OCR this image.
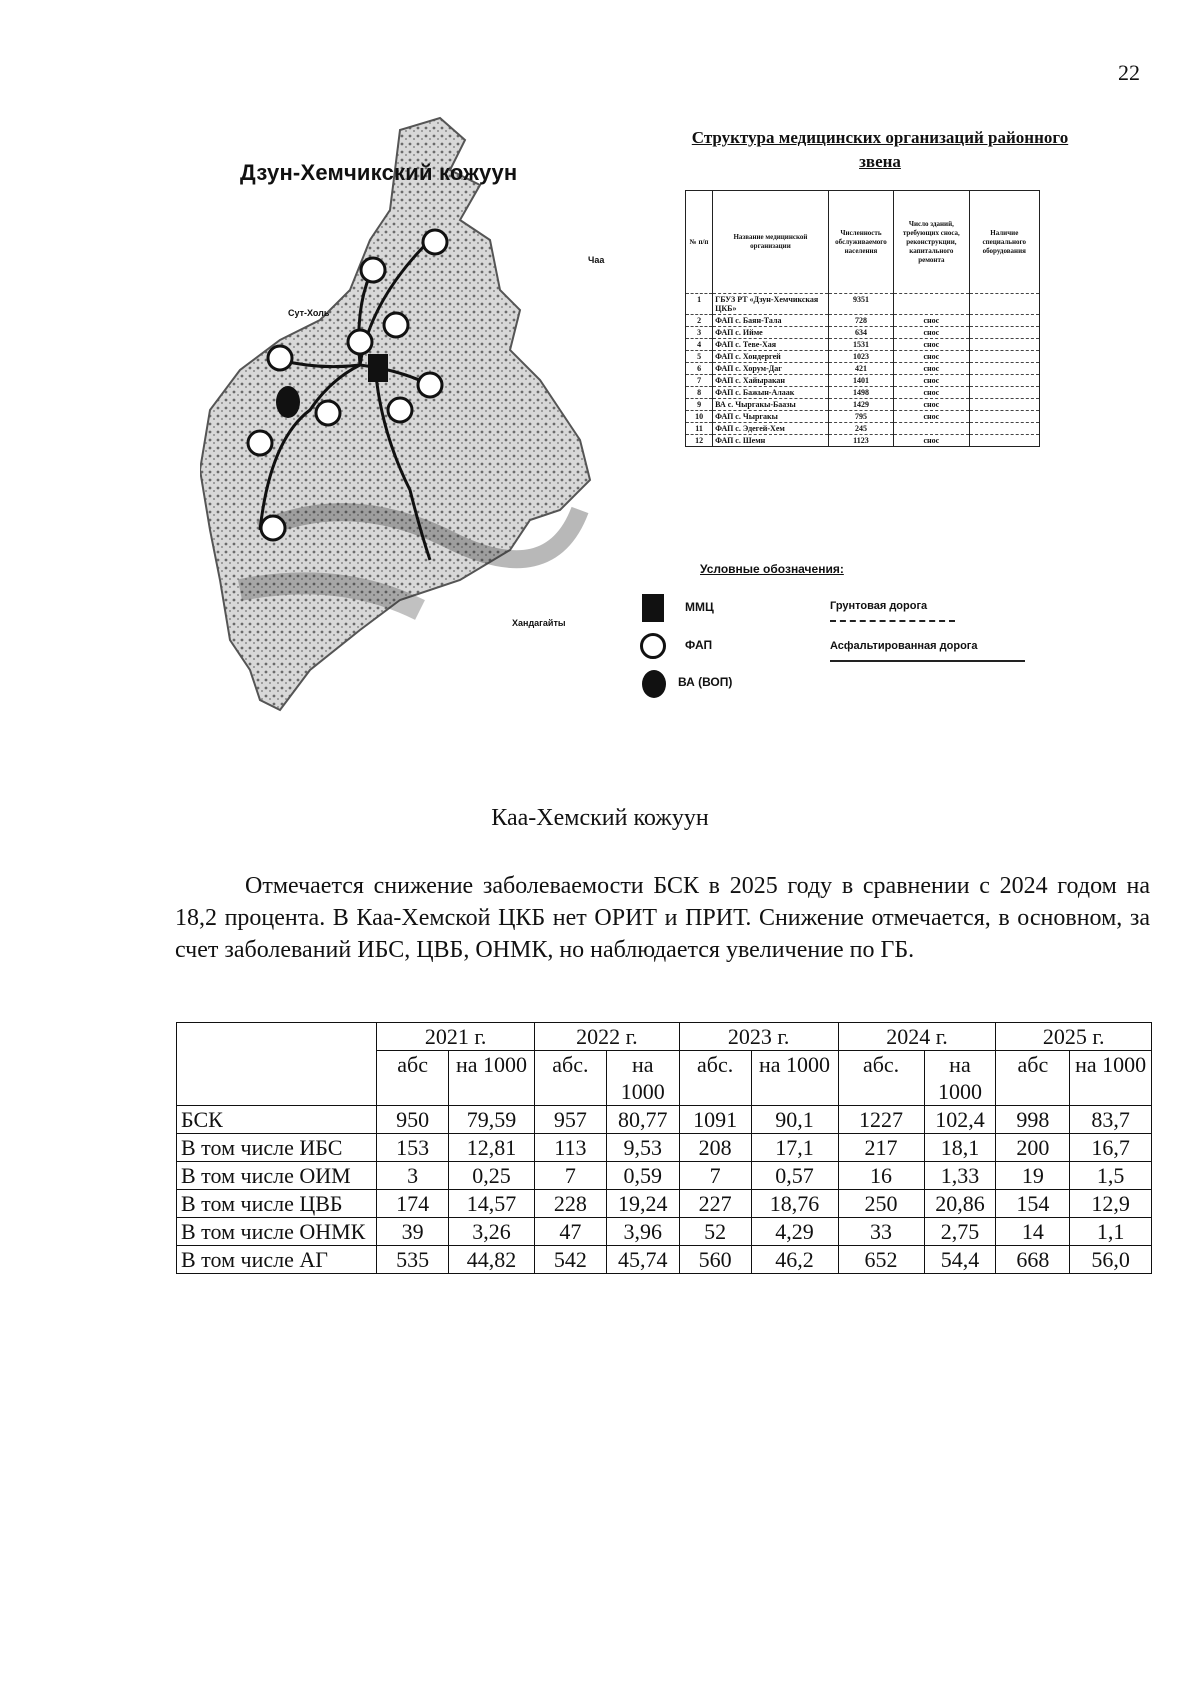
22
Дзун-Хемчикский кожуун
Сут-Холь
Чаа
Хандагайты
Структура медицинских организаций районного звена
№ п/п	Название медицинской организации	Численность обслуживаемого населения	Число зданий, требующих сноса, реконструкции, капитального ремонта	Наличие специального оборудования
1	ГБУЗ РТ «Дзун-Хемчикская ЦКБ»	9351		
2	ФАП с. Баян-Тала	728	снос	
3	ФАП с. Ийме	634	снос	
4	ФАП с. Теве-Хая	1531	снос	
5	ФАП с. Хондергей	1023	снос	
6	ФАП с. Хорум-Даг	421	снос	
7	ФАП с. Хайыракан	1401	снос	
8	ФАП с. Бажын-Алаак	1498	снос	
9	ВА с. Чыргакы-Баазы	1429	снос	
10	ФАП с. Чыргакы	795	снос	
11	ФАП с. Эдегей-Хем	245		
12	ФАП с. Шемн	1123	снос	
Условные обозначения:
ММЦ
ФАП
ВА (ВОП)
Грунтовая дорога
Асфальтированная дорога
Каа-Хемский кожуун
Отмечается снижение заболеваемости БСК в 2025 году в сравнении с 2024 годом на 18,2 процента. В Каа-Хемской ЦКБ нет ОРИТ и ПРИТ. Снижение отмечается, в основном, за счет заболеваний ИБС, ЦВБ, ОНМК, но наблюдается увеличение по ГБ.
	2021 г.		2022 г.		2023 г.		2024 г.		2025 г.	
	абс	на 1000	абс.	на 1000	абс.	на 1000	абс.	на 1000	абс	на 1000
БСК	950	79,59	957	80,77	1091	90,1	1227	102,4	998	83,7
В том числе ИБС	153	12,81	113	9,53	208	17,1	217	18,1	200	16,7
В том числе ОИМ	3	0,25	7	0,59	7	0,57	16	1,33	19	1,5
В том числе ЦВБ	174	14,57	228	19,24	227	18,76	250	20,86	154	12,9
В том числе ОНМК	39	3,26	47	3,96	52	4,29	33	2,75	14	1,1
В том числе АГ	535	44,82	542	45,74	560	46,2	652	54,4	668	56,0
